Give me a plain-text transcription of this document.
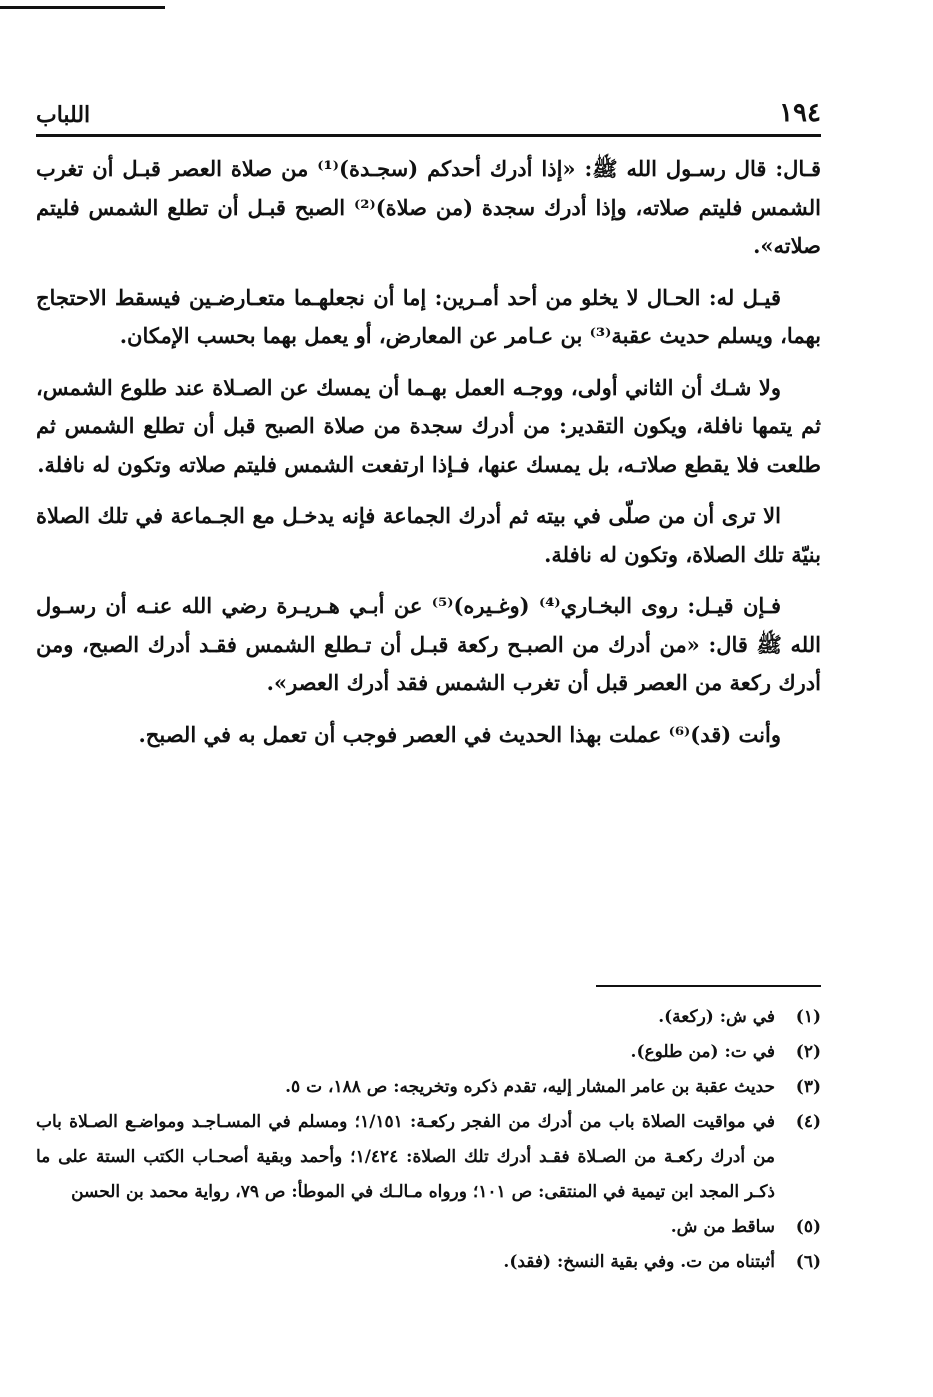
اللباب	١٩٤

قـال: قال رسـول الله ﷺ: «إذا أدرك أحدكم (سجـدة)⁽¹⁾ من صلاة العصر قبـل أن تغرب الشمس فليتم صلاته، وإذا أدرك سجدة (من صلاة)⁽²⁾ الصبح قبـل أن تطلع الشمس فليتم صلاته».

قيـل له: الحـال لا يخلو من أحد أمـرين: إما أن نجعلهـما متعـارضـين فيسقط الاحتجاج بهما، ويسلم حديث عقبة⁽³⁾ بن عـامر عن المعارض، أو يعمل بهما بحسب الإمكان.

ولا شـك أن الثاني أولى، ووجـه العمل بهـما أن يمسك عن الصـلاة عند طلوع الشمس، ثم يتمها نافلة، ويكون التقدير: من أدرك سجدة من صلاة الصبح قبل أن تطلع الشمس ثم طلعت فلا يقطع صلاتـه، بل يمسك عنها، فـإذا ارتفعت الشمس فليتم صلاته وتكون له نافلة.

الا ترى أن من صلّى في بيته ثم أدرك الجماعة فإنه يدخـل مع الجـماعة في تلك الصلاة بنيّة تلك الصلاة، وتكون له نافلة.

فـإن قيـل: روى البخـاري⁽⁴⁾ (وغـيره)⁽⁵⁾ عن أبـي هـريـرة رضي الله عنـه أن رسـول الله ﷺ قال: «من أدرك من الصبـح ركعة قبـل أن تـطلع الشمس فقـد أدرك الصبح، ومن أدرك ركعة من العصر قبل أن تغرب الشمس فقد أدرك العصر».

وأنت (قد)⁽⁶⁾ عملت بهذا الحديث في العصر فوجب أن تعمل به في الصبح.

(١)
في ش: (ركعة).
(٢)
في ت: (من طلوع).
(٣)
حديث عقبة بن عامر المشار إليه، تقدم ذكره وتخريجه: ص ١٨٨، ت ٥.
(٤)
في مواقيت الصلاة باب من أدرك من الفجر ركعـة: ١/١٥١؛ ومسلم في المسـاجـد ومواضـع الصـلاة باب من أدرك ركعـة من الصـلاة فقـد أدرك تلك الصلاة: ١/٤٢٤؛ وأحمد وبقية أصحـاب الكتب الستة على ما ذكـر المجد ابن تيمية في المنتقى: ص ١٠١؛ ورواه مـالـك في الموطأ: ص ٧٩، رواية محمد بن الحسن
(٥)
ساقط من ش.
(٦)
أثبتناه من ت. وفي بقية النسخ: (فقد).
